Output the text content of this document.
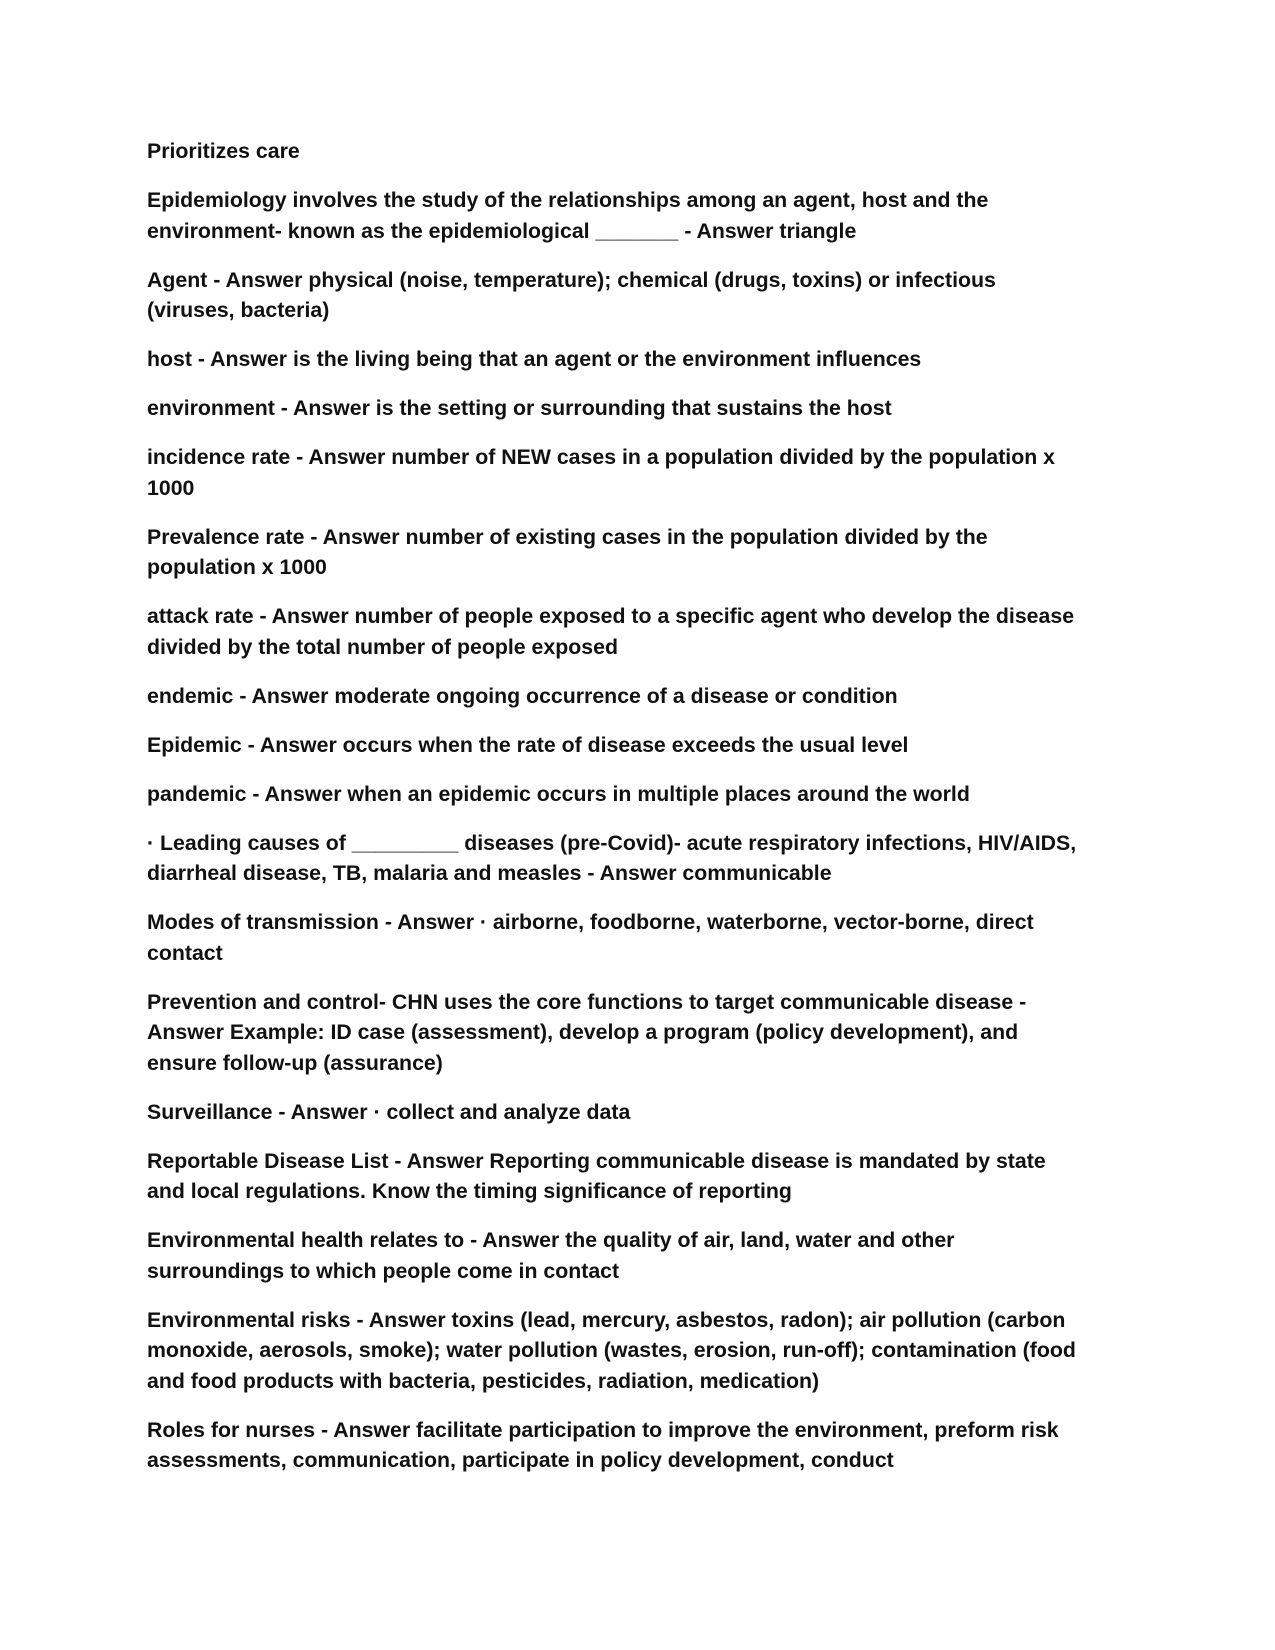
Prioritizes care

Epidemiology involves the study of the relationships among an agent, host and the environment- known as the epidemiological _______ - Answer triangle

Agent - Answer physical (noise, temperature); chemical (drugs, toxins) or infectious (viruses, bacteria)

host - Answer is the living being that an agent or the environment influences

environment - Answer is the setting or surrounding that sustains the host

incidence rate - Answer number of NEW cases in a population divided by the population x 1000

Prevalence rate - Answer number of existing cases in the population divided by the population x 1000

attack rate - Answer number of people exposed to a specific agent who develop the disease divided by the total number of people exposed

endemic - Answer moderate ongoing occurrence of a disease or condition

Epidemic - Answer occurs when the rate of disease exceeds the usual level

pandemic - Answer when an epidemic occurs in multiple places around the world

· Leading causes of _________ diseases (pre-Covid)- acute respiratory infections, HIV/AIDS, diarrheal disease, TB, malaria and measles - Answer communicable

Modes of transmission - Answer · airborne, foodborne, waterborne, vector-borne, direct contact

Prevention and control- CHN uses the core functions to target communicable disease - Answer Example: ID case (assessment), develop a program (policy development), and ensure follow-up (assurance)

Surveillance - Answer · collect and analyze data

Reportable Disease List - Answer Reporting communicable disease is mandated by state and local regulations. Know the timing significance of reporting

Environmental health relates to - Answer the quality of air, land, water and other surroundings to which people come in contact

Environmental risks - Answer toxins (lead, mercury, asbestos, radon); air pollution (carbon monoxide, aerosols, smoke); water pollution (wastes, erosion, run-off); contamination (food and food products with bacteria, pesticides, radiation, medication)

Roles for nurses - Answer facilitate participation to improve the environment, preform risk assessments, communication, participate in policy development, conduct
